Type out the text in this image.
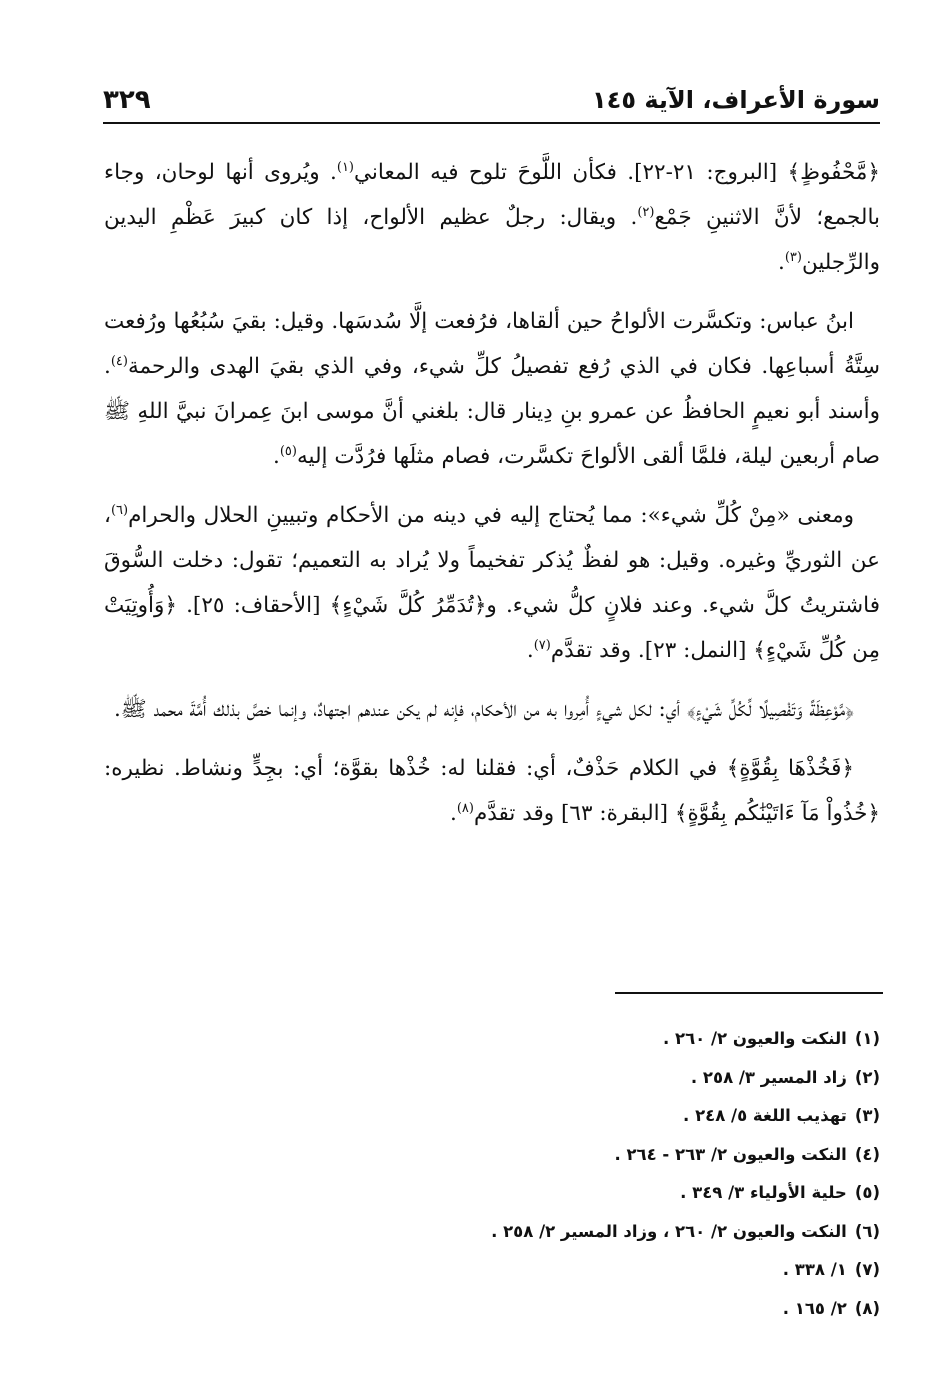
سورة الأعراف، الآية ١٤٥
٣٢٩

﴿مَّحْفُوظٍ﴾ [البروج: ٢١-٢٢]. فكأن اللَّوحَ تلوح فيه المعاني$^{(١)}$. ويُروى أنها لوحان، وجاء بالجمع؛ لأنَّ الاثنينِ جَمْع$^{(٢)}$. ويقال: رجلٌ عظيم الألواح، إذا كان كبيرَ عَظْمِ اليدين والرِّجلين$^{(٣)}$.

ابنُ عباس: وتكسَّرت الألواحُ حين ألقاها، فرُفعت إلَّا سُدسَها. وقيل: بقيَ سُبُعُها ورُفعت سِتَّةُ أسباعِها. فكان في الذي رُفع تفصيلُ كلِّ شيء، وفي الذي بقيَ الهدى والرحمة$^{(٤)}$. وأسند أبو نعيمٍ الحافظُ عن عمرو بنِ دِينار قال: بلغني أنَّ موسى ابنَ عِمرانَ نبيَّ اللهِ ﷺ صام أربعين ليلة، فلمَّا ألقى الألواحَ تكسَّرت، فصام مثلَها فرُدَّت إليه$^{(٥)}$.

ومعنى «مِنْ كُلِّ شيء»: مما يُحتاج إليه في دينه من الأحكام وتبيينِ الحلال والحرام$^{(٦)}$، عن الثوريِّ وغيره. وقيل: هو لفظٌ يُذكر تفخيماً ولا يُراد به التعميم؛ تقول: دخلت السُّوقَ فاشتريتُ كلَّ شيء. وعند فلانٍ كلُّ شيء. و﴿تُدَمِّرُ كُلَّ شَيْءٍ﴾ [الأحقاف: ٢٥]. ﴿وَأُوتِيَتْ مِن كُلِّ شَيْءٍ﴾ [النمل: ٢٣]. وقد تقدَّم$^{(٧)}$.

﴿مَّوْعِظَةً وَتَفْصِيلًا لِّكُلِّ شَيْءٍ﴾ أي: لكل شيءٍ أُمِروا به من الأحكام، فإنه لم يكن عندهم اجتهادٌ، وإنما خصَّ بذلك أُمَّةَ محمد ﷺ.

﴿فَخُذْهَا بِقُوَّةٍ﴾ في الكلام حَذْفٌ، أي: فقلنا له: خُذْها بقوَّة؛ أي: بجِدٍّ ونشاط. نظيره: ﴿خُذُواْ مَآ ءَاتَيْنَٰكُم بِقُوَّةٍ﴾ [البقرة: ٦٣] وقد تقدَّم$^{(٨)}$.

(١)النكت والعيون ٢/ ٢٦٠ .
(٢)زاد المسير ٣/ ٢٥٨ .
(٣)تهذيب اللغة ٥/ ٢٤٨ .
(٤)النكت والعيون ٢/ ٢٦٣ - ٢٦٤ .
(٥)حلية الأولياء ٣/ ٣٤٩ .
(٦)النكت والعيون ٢/ ٢٦٠ ، وزاد المسير ٢/ ٢٥٨ .
(٧)١/ ٣٣٨ .
(٨)٢/ ١٦٥ .
